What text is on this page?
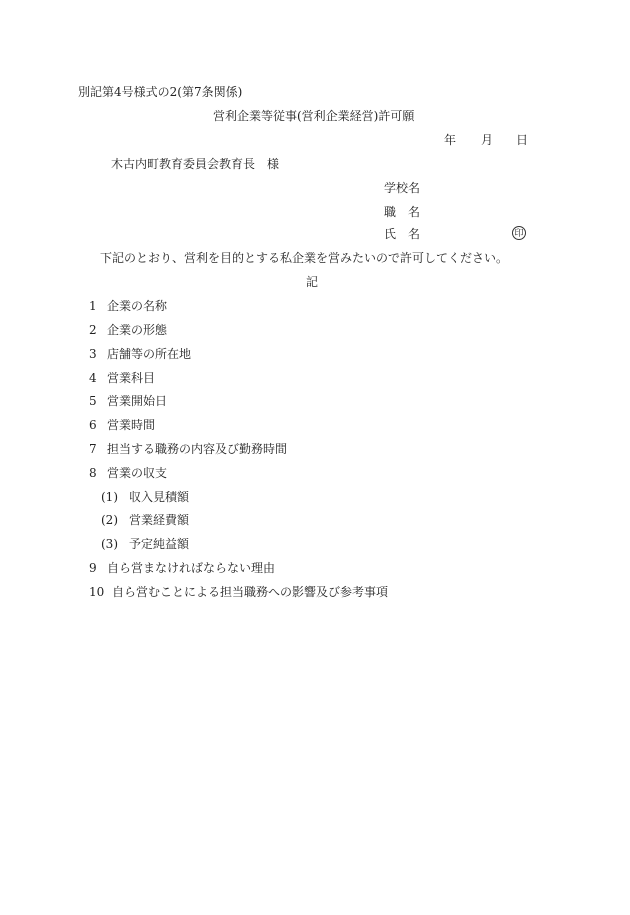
別記第4号様式の2(第7条関係)
営利企業等従事(営利企業経営)許可願
年 月 日
木古内町教育委員会教育長　様
学校名
職　名
氏　名	印
下記のとおり、営利を目的とする私企業を営みたいので許可してください。
記
1 企業の名称
2 企業の形態
3 店舗等の所在地
4 営業科目
5 営業開始日
6 営業時間
7 担当する職務の内容及び勤務時間
8 営業の収支
(1) 収入見積額
(2) 営業経費額
(3) 予定純益額
9 自ら営まなければならない理由
10 自ら営むことによる担当職務への影響及び参考事項
